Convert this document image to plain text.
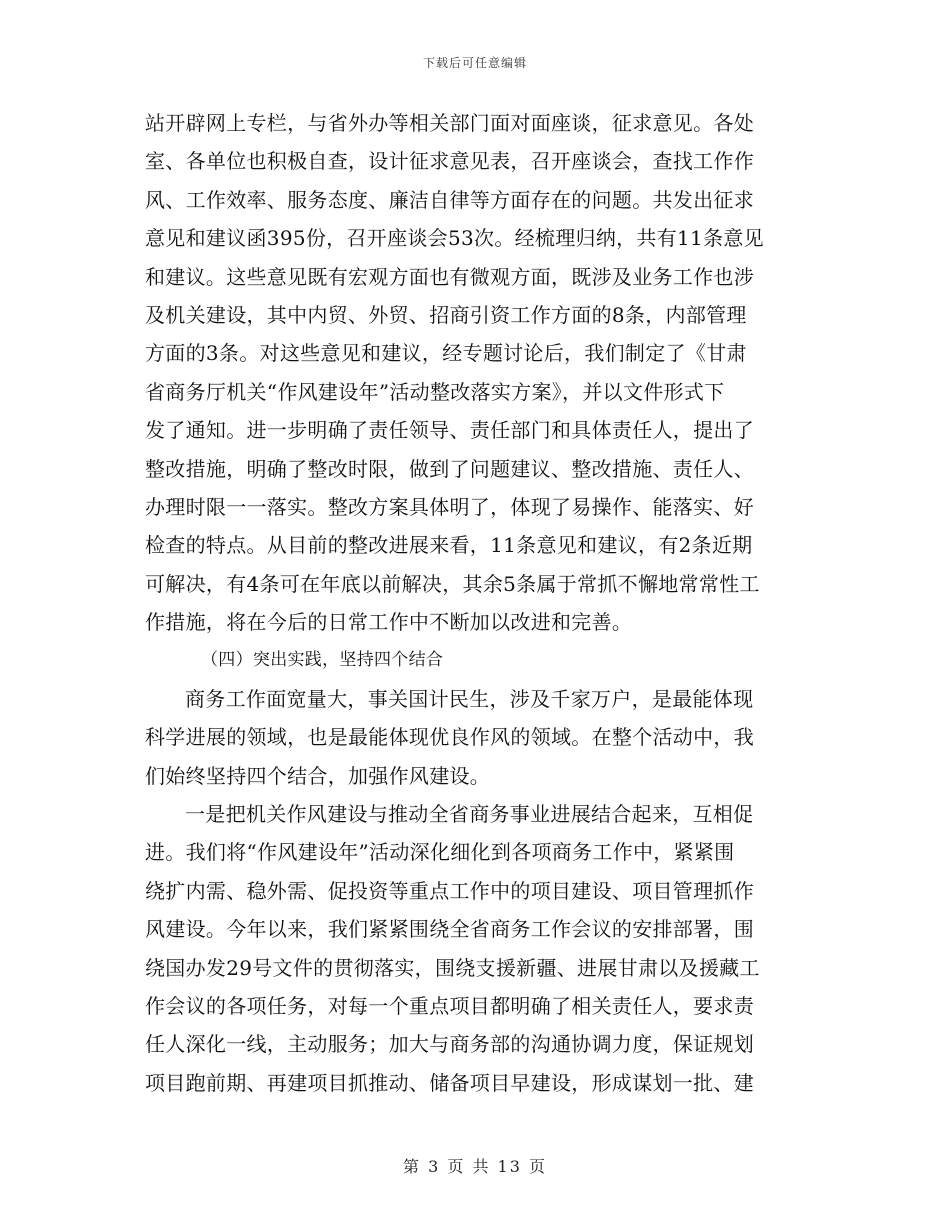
下载后可任意编辑
站开辟网上专栏，与省外办等相关部门面对面座谈，征求意见。各处
室、各单位也积极自查，设计征求意见表，召开座谈会，查找工作作
风、工作效率、服务态度、廉洁自律等方面存在的问题。共发出征求
意见和建议函395份，召开座谈会53次。经梳理归纳，共有11条意见
和建议。这些意见既有宏观方面也有微观方面，既涉及业务工作也涉
及机关建设，其中内贸、外贸、招商引资工作方面的8条，内部管理
方面的3条。对这些意见和建议，经专题讨论后，我们制定了《甘肃
省商务厅机关“作风建设年”活动整改落实方案》，并以文件形式下
发了通知。进一步明确了责任领导、责任部门和具体责任人，提出了
整改措施，明确了整改时限，做到了问题建议、整改措施、责任人、
办理时限一一落实。整改方案具体明了，体现了易操作、能落实、好
检查的特点。从目前的整改进展来看，11条意见和建议，有2条近期
可解决，有4条可在年底以前解决，其余5条属于常抓不懈地常常性工
作措施，将在今后的日常工作中不断加以改进和完善。
（四）突出实践，坚持四个结合
商务工作面宽量大，事关国计民生，涉及千家万户，是最能体现
科学进展的领域，也是最能体现优良作风的领域。在整个活动中，我
们始终坚持四个结合，加强作风建设。
一是把机关作风建设与推动全省商务事业进展结合起来，互相促
进。我们将“作风建设年”活动深化细化到各项商务工作中，紧紧围
绕扩内需、稳外需、促投资等重点工作中的项目建设、项目管理抓作
风建设。今年以来，我们紧紧围绕全省商务工作会议的安排部署，围
绕国办发29号文件的贯彻落实，围绕支援新疆、进展甘肃以及援藏工
作会议的各项任务，对每一个重点项目都明确了相关责任人，要求责
任人深化一线，主动服务；加大与商务部的沟通协调力度，保证规划
项目跑前期、再建项目抓推动、储备项目早建设，形成谋划一批、建
第 3 页 共 13 页
